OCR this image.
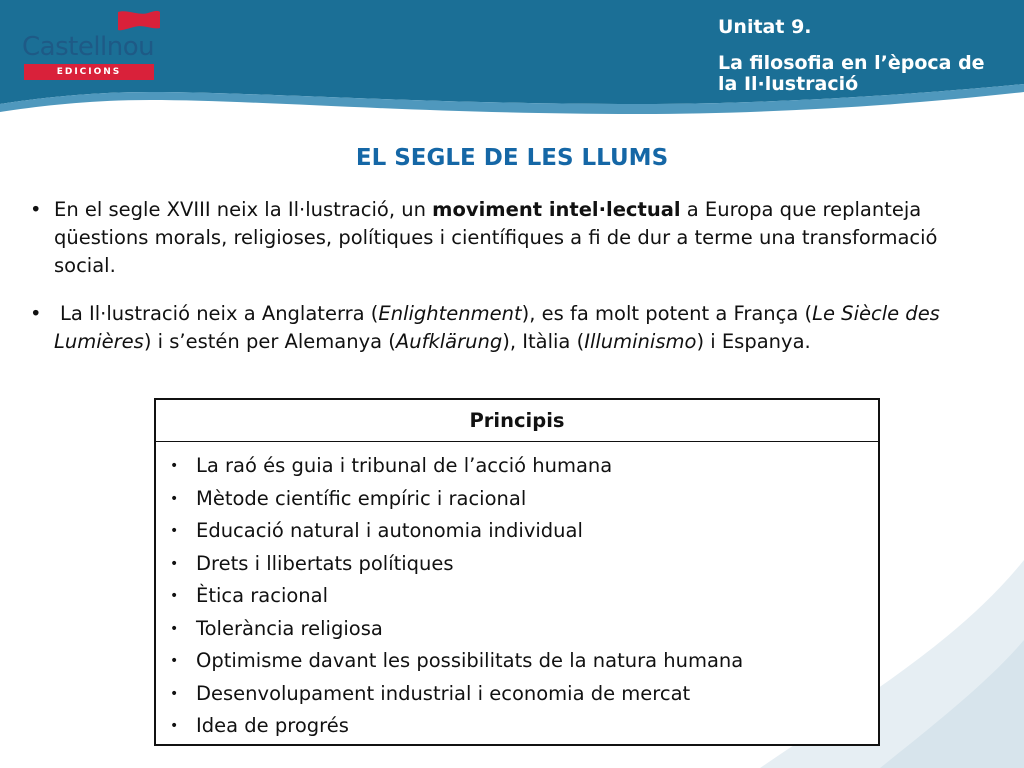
Castellnou
EDICIONS
Unitat 9.
La filosofia en l’època de la Il·lustració
EL SEGLE DE LES LLUMS
• En el segle XVIII neix la Il·lustració, un moviment intel·lectual a Europa que replanteja qüestions morals, religioses, polítiques i científiques a fi de dur a terme una transformació social.
• La Il·lustració neix a Anglaterra (Enlightenment), es fa molt potent a França (Le Siècle des Lumières) i s’estén per Alemanya (Aufklärung), Itàlia (Illuminismo) i Espanya.
Principis
• La raó és guia i tribunal de l’acció humana
• Mètode científic empíric i racional
• Educació natural i autonomia individual
• Drets i llibertats polítiques
• Ètica racional
• Tolerància religiosa
• Optimisme davant les possibilitats de la natura humana
• Desenvolupament industrial i economia de mercat
• Idea de progrés
